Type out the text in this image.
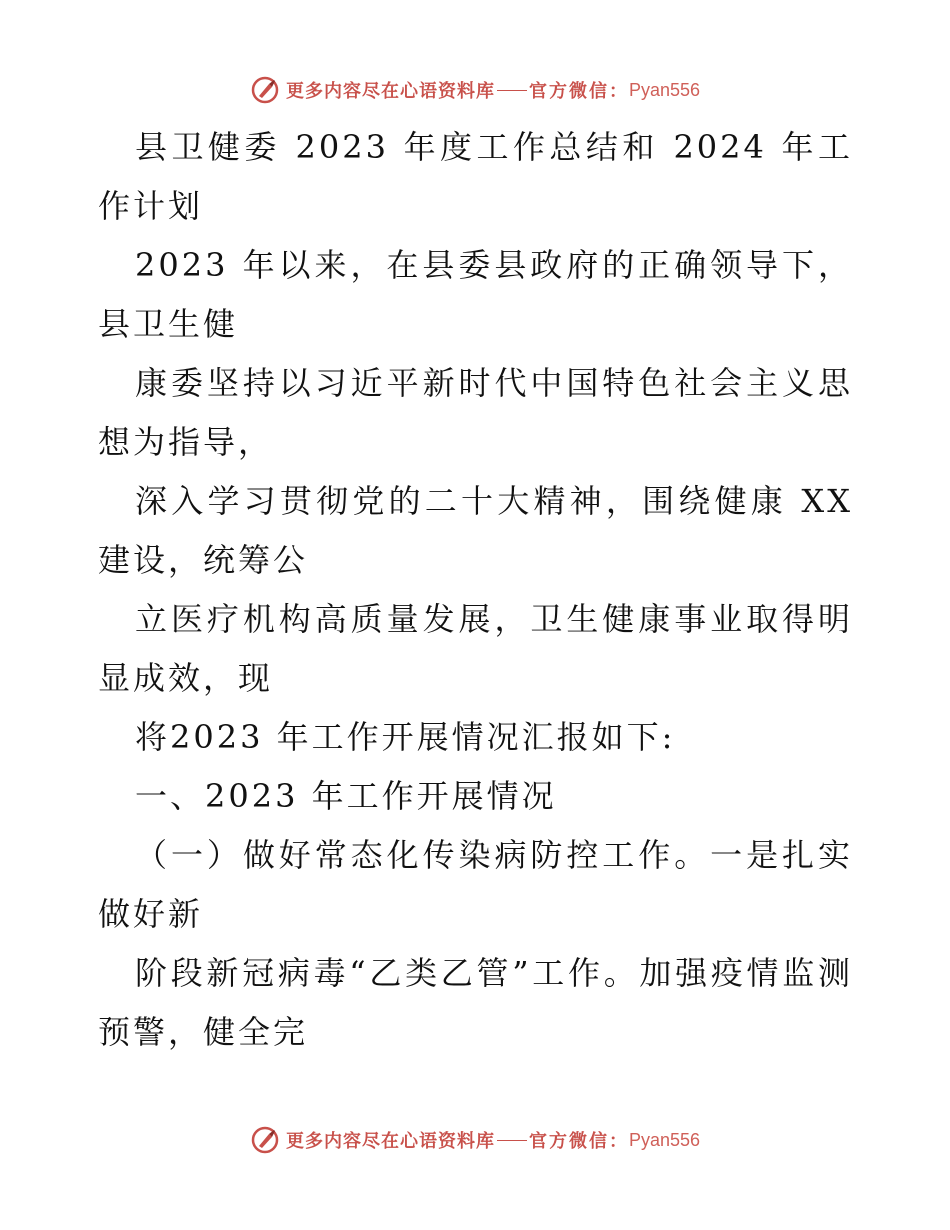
更多内容尽在心语资料库 官方微信： Pyan556

县卫健委 2023 年度工作总结和 2024 年工作计划

2023 年以来，在县委县政府的正确领导下，县卫生健

康委坚持以习近平新时代中国特色社会主义思想为指导，

深入学习贯彻党的二十大精神，围绕健康 XX 建设，统筹公

立医疗机构高质量发展，卫生健康事业取得明显成效，现

将2023 年工作开展情况汇报如下:

一、2023 年工作开展情况

（一）做好常态化传染病防控工作。一是扎实做好新

阶段新冠病毒“乙类乙管”工作。加强疫情监测预警，健全完

更多内容尽在心语资料库 官方微信： Pyan556
